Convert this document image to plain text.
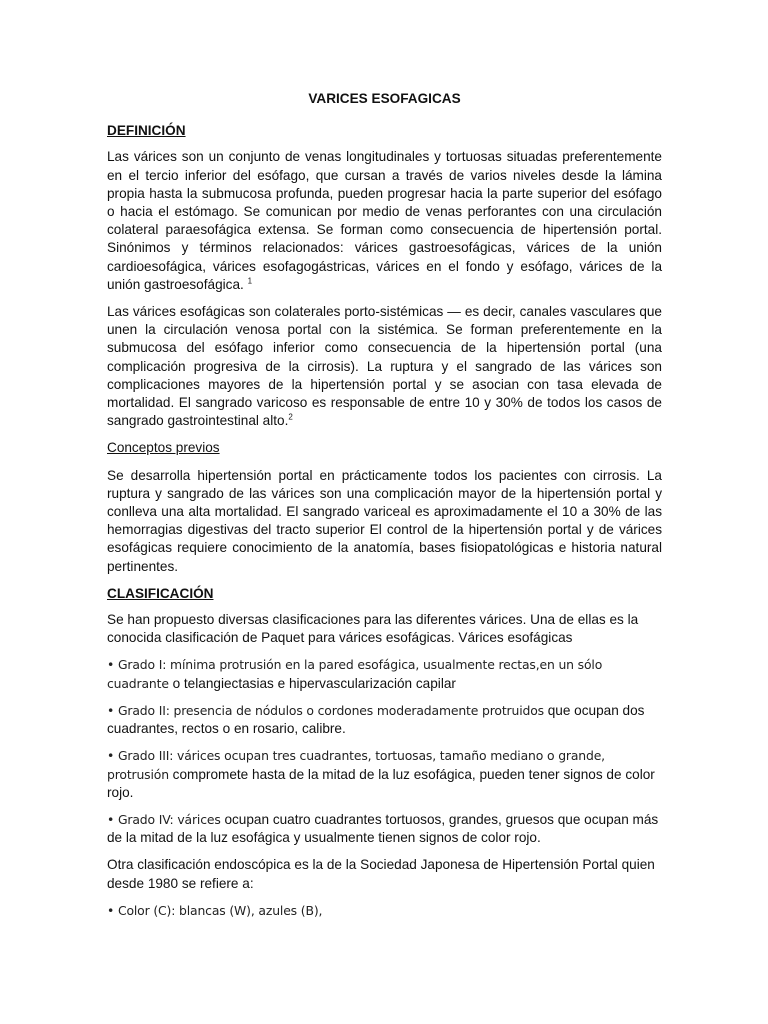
VARICES ESOFAGICAS
DEFINICIÓN

Las várices son un conjunto de venas longitudinales y tortuosas situadas preferentemente en el tercio inferior del esófago, que cursan a través de varios niveles desde la lámina propia hasta la submucosa profunda, pueden progresar hacia la parte superior del esófago o hacia el estómago. Se comunican por medio de venas perforantes con una circulación colateral paraesofágica extensa. Se forman como consecuencia de hipertensión portal. Sinónimos y términos relacionados: várices gastroesofágicas, várices de la unión cardioesofágica, várices esofagogástricas, várices en el fondo y esófago, várices de la unión gastroesofágica. $^1$

Las várices esofágicas son colaterales porto-sistémicas — es decir, canales vasculares que unen la circulación venosa portal con la sistémica. Se forman preferentemente en la submucosa del esófago inferior como consecuencia de la hipertensión portal (una complicación progresiva de la cirrosis). La ruptura y el sangrado de las várices son complicaciones mayores de la hipertensión portal y se asocian con tasa elevada de mortalidad. El sangrado varicoso es responsable de entre 10 y 30% de todos los casos de sangrado gastrointestinal alto.$^2$

Conceptos previos

Se desarrolla hipertensión portal en prácticamente todos los pacientes con cirrosis. La ruptura y sangrado de las várices son una complicación mayor de la hipertensión portal y conlleva una alta mortalidad. El sangrado variceal es aproximadamente el 10 a 30% de las hemorragias digestivas del tracto superior El control de la hipertensión portal y de várices esofágicas requiere conocimiento de la anatomía, bases fisiopatológicas e historia natural pertinentes.

CLASIFICACIÓN

Se han propuesto diversas clasificaciones para las diferentes várices. Una de ellas es la conocida clasificación de Paquet para várices esofágicas. Várices esofágicas

• Grado I: mínima protrusión en la pared esofágica, usualmente rectas,en un sólo cuadrante o telangiectasias e hipervascularización capilar
• Grado II: presencia de nódulos o cordones moderadamente protruidos que ocupan dos cuadrantes, rectos o en rosario, calibre.
• Grado III: várices ocupan tres cuadrantes, tortuosas, tamaño mediano o grande, protrusión compromete hasta de la mitad de la luz esofágica, pueden tener signos de color rojo.
• Grado IV: várices ocupan cuatro cuadrantes tortuosos, grandes, gruesos que ocupan más de la mitad de la luz esofágica y usualmente tienen signos de color rojo.

Otra clasificación endoscópica es la de la Sociedad Japonesa de Hipertensión Portal quien desde 1980 se refiere a:

• Color (C): blancas (W), azules (B),
